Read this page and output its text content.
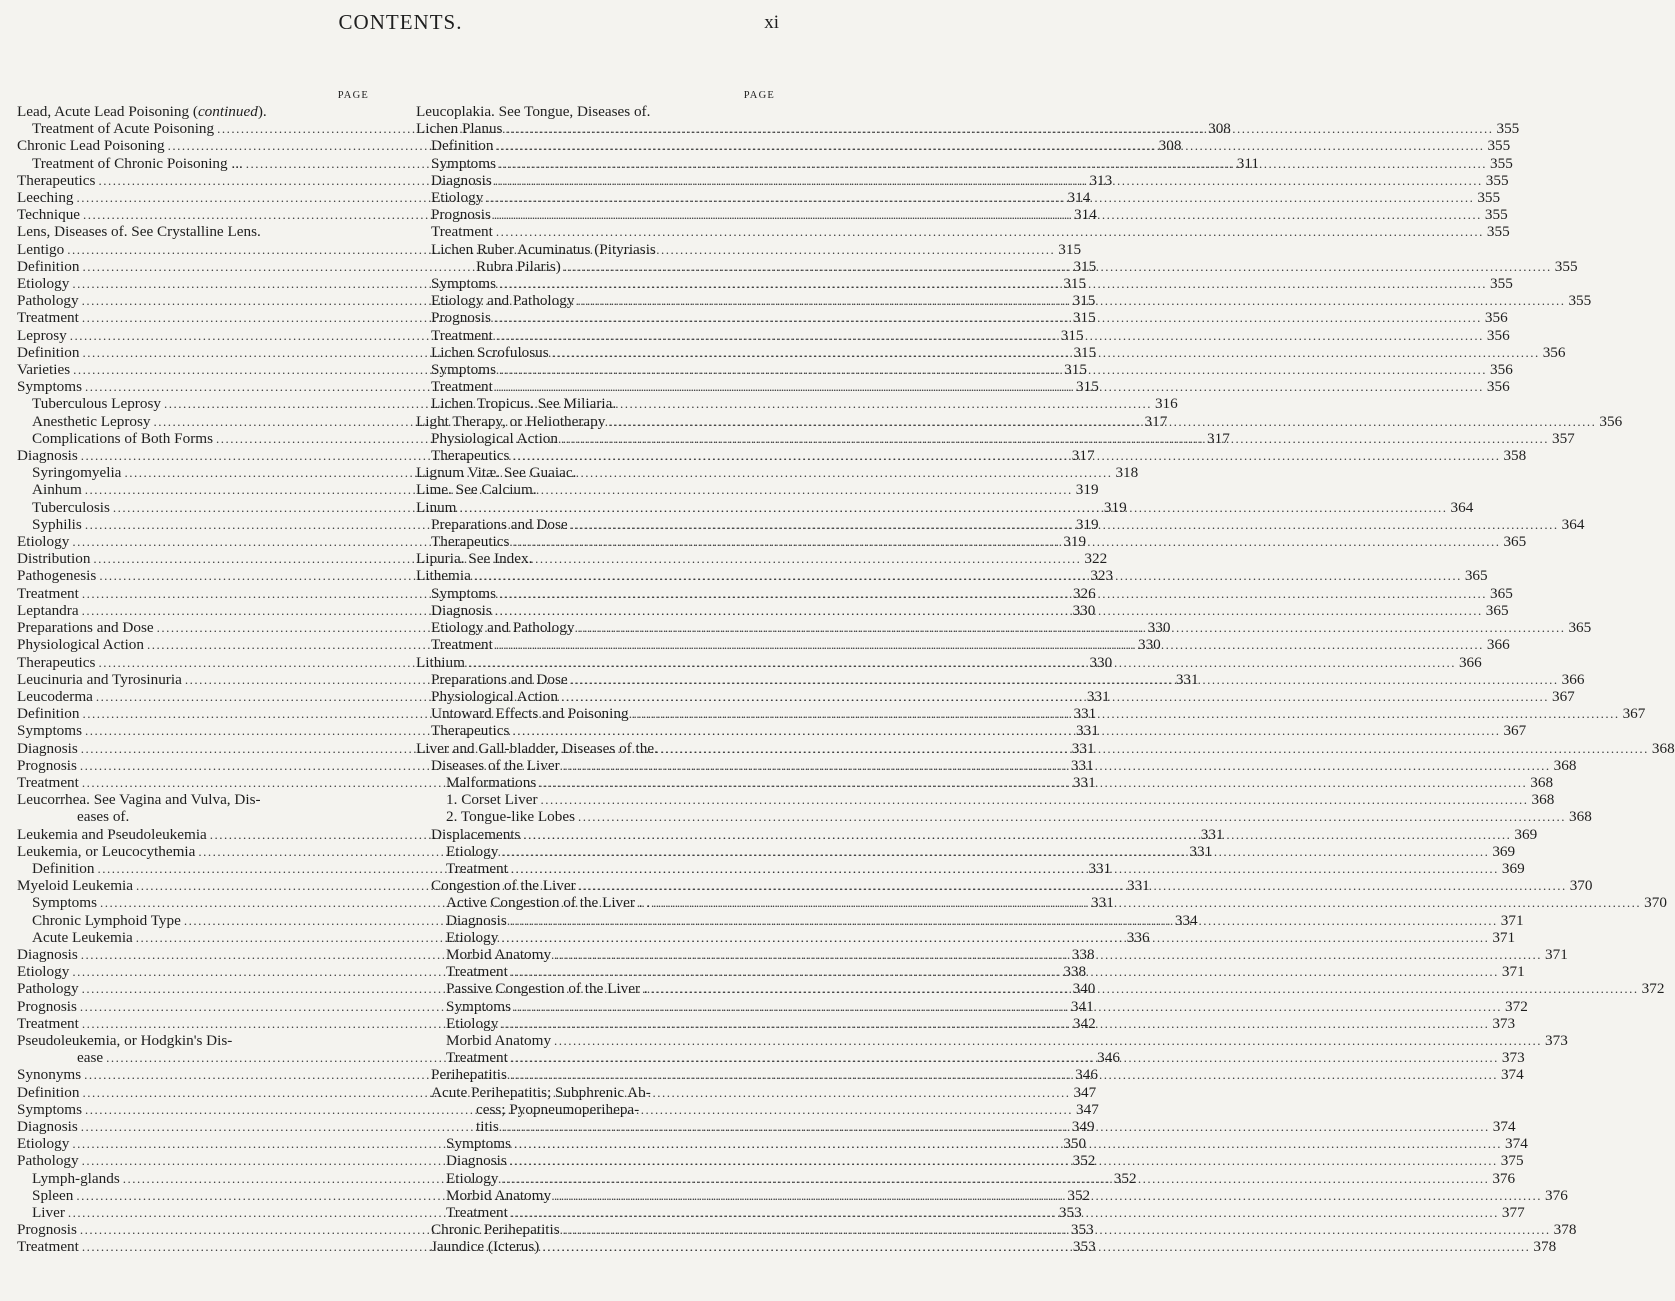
CONTENTS.	xi
PAGE
Lead, Acute Lead Poisoning (continued).
Treatment of Acute Poisoning .....	308
Chronic Lead Poisoning .....	308
Treatment of Chronic Poisoning ... .....	311
Therapeutics .....	313
Leeching .....	314
Technique .....	314
Lens, Diseases of. See Crystalline Lens.
Lentigo .....	315
Definition .....	315
Etiology .....	315
Pathology .....	315
Treatment .....	315
Leprosy .....	315
Definition .....	315
Varieties .....	315
Symptoms .....	315
Tuberculous Leprosy .....	316
Anesthetic Leprosy .....	317
Complications of Both Forms .....	317
Diagnosis .....	317
Syringomyelia .....	318
Ainhum .....	319
Tuberculosis .....	319
Syphilis .....	319
Etiology .....	319
Distribution .....	322
Pathogenesis .....	323
Treatment .....	326
Leptandra .....	330
Preparations and Dose .....	330
Physiological Action .....	330
Therapeutics .....	330
Leucinuria and Tyrosinuria .....	331
Leucoderma .....	331
Definition .....	331
Symptoms .....	331
Diagnosis .....	331
Prognosis .....	331
Treatment .....	331
Leucorrhea. See Vagina and Vulva, Dis-
eases of.
Leukemia and Pseudoleukemia .....	331
Leukemia, or Leucocythemia .....	331
Definition .....	331
Myeloid Leukemia .....	331
Symptoms .....	331
Chronic Lymphoid Type .....	334
Acute Leukemia .....	336
Diagnosis .....	338
Etiology .....	338
Pathology .....	340
Prognosis .....	341
Treatment .....	342
Pseudoleukemia, or Hodgkin's Dis-
ease .....	346
Synonyms .....	346
Definition .....	347
Symptoms .....	347
Diagnosis .....	349
Etiology .....	350
Pathology .....	352
Lymph-glands .....	352
Spleen .....	352
Liver .....	353
Prognosis .....	353
Treatment .....	353
PAGE
Leucoplakia. See Tongue, Diseases of.
Lichen Planus .....	355
Definition .....	355
Symptoms .....	355
Diagnosis .....	355
Etiology .....	355
Prognosis .....	355
Treatment .....	355
Lichen Ruber Acuminatus (Pityriasis
Rubra Pilaris) .....	355
Symptoms .....	355
Etiology and Pathology .....	355
Prognosis .....	356
Treatment .....	356
Lichen Scrofulosus .....	356
Symptoms .....	356
Treatment .....	356
Lichen Tropicus. See Miliaria.
Light Therapy, or Heliotherapy .....	356
Physiological Action .....	357
Therapeutics .....	358
Lignum Vitæ. See Guaiac.
Lime. See Calcium.
Linum .....	364
Preparations and Dose .....	364
Therapeutics .....	365
Lipuria. See Index.
Lithemia .....	365
Symptoms .....	365
Diagnosis .....	365
Etiology and Pathology .....	365
Treatment .....	366
Lithium .....	366
Preparations and Dose .....	366
Physiological Action .....	367
Untoward Effects and Poisoning .....	367
Therapeutics .....	367
Liver and Gall-bladder, Diseases of the. .....	368
Diseases of the Liver .....	368
Malformations .....	368
1. Corset Liver .....	368
2. Tongue-like Lobes .....	368
Displacements .....	369
Etiology .....	369
Treatment .....	369
Congestion of the Liver .....	370
Active Congestion of the Liver . . .....	370
Diagnosis .....	371
Etiology .....	371
Morbid Anatomy .....	371
Treatment .....	371
Passive Congestion of the Liver . .....	372
Symptoms .....	372
Etiology .....	373
Morbid Anatomy .....	373
Treatment .....	373
Perihepatitis .....	374
Acute Perihepatitis; Subphrenic Ab-
cess; Pyopneumoperihepa-
titis .....	374
Symptoms .....	374
Diagnosis .....	375
Etiology .....	376
Morbid Anatomy .....	376
Treatment .....	377
Chronic Perihepatitis .....	378
Jaundice (Icterus) .....	378
